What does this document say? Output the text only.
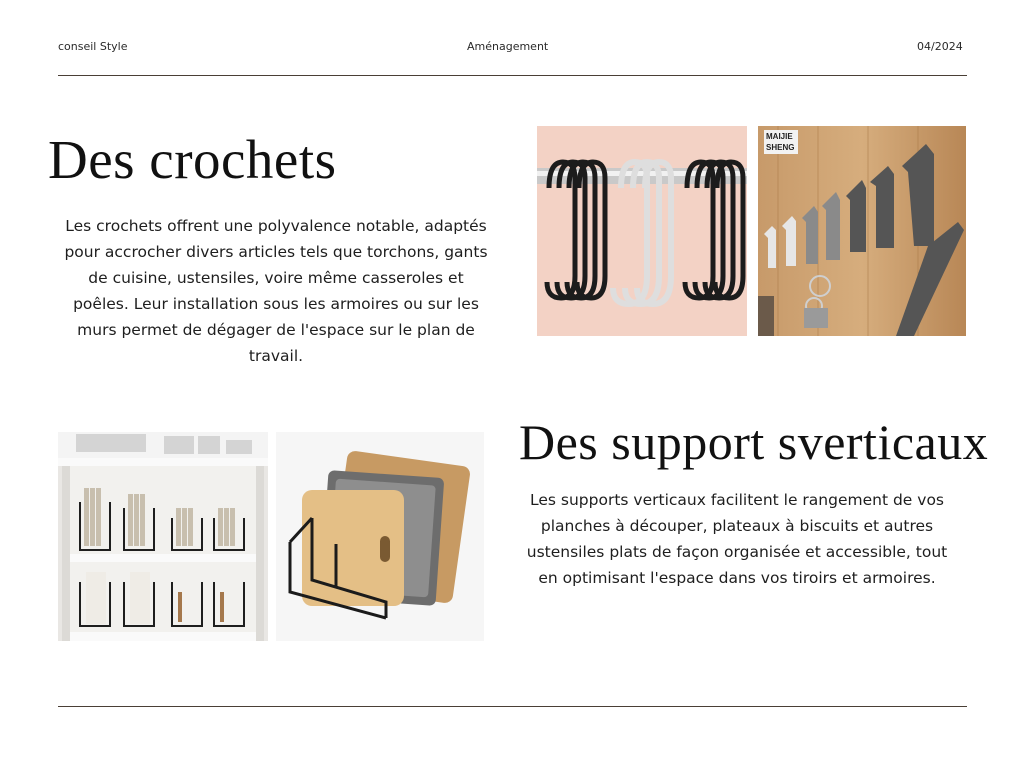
conseil Style	Aménagement	04/2024
Des crochets
Les crochets offrent une polyvalence notable, adaptés pour accrocher divers articles tels que torchons, gants de cuisine, ustensiles, voire même casseroles et poêles. Leur installation sous les armoires ou sur les murs permet de dégager de l'espace sur le plan de travail.
MAIJIE
SHENG
Des support sverticaux
Les supports verticaux facilitent le rangement de vos planches à découper, plateaux à biscuits et autres ustensiles plats de façon organisée et accessible, tout en optimisant l'espace dans vos tiroirs et armoires.
